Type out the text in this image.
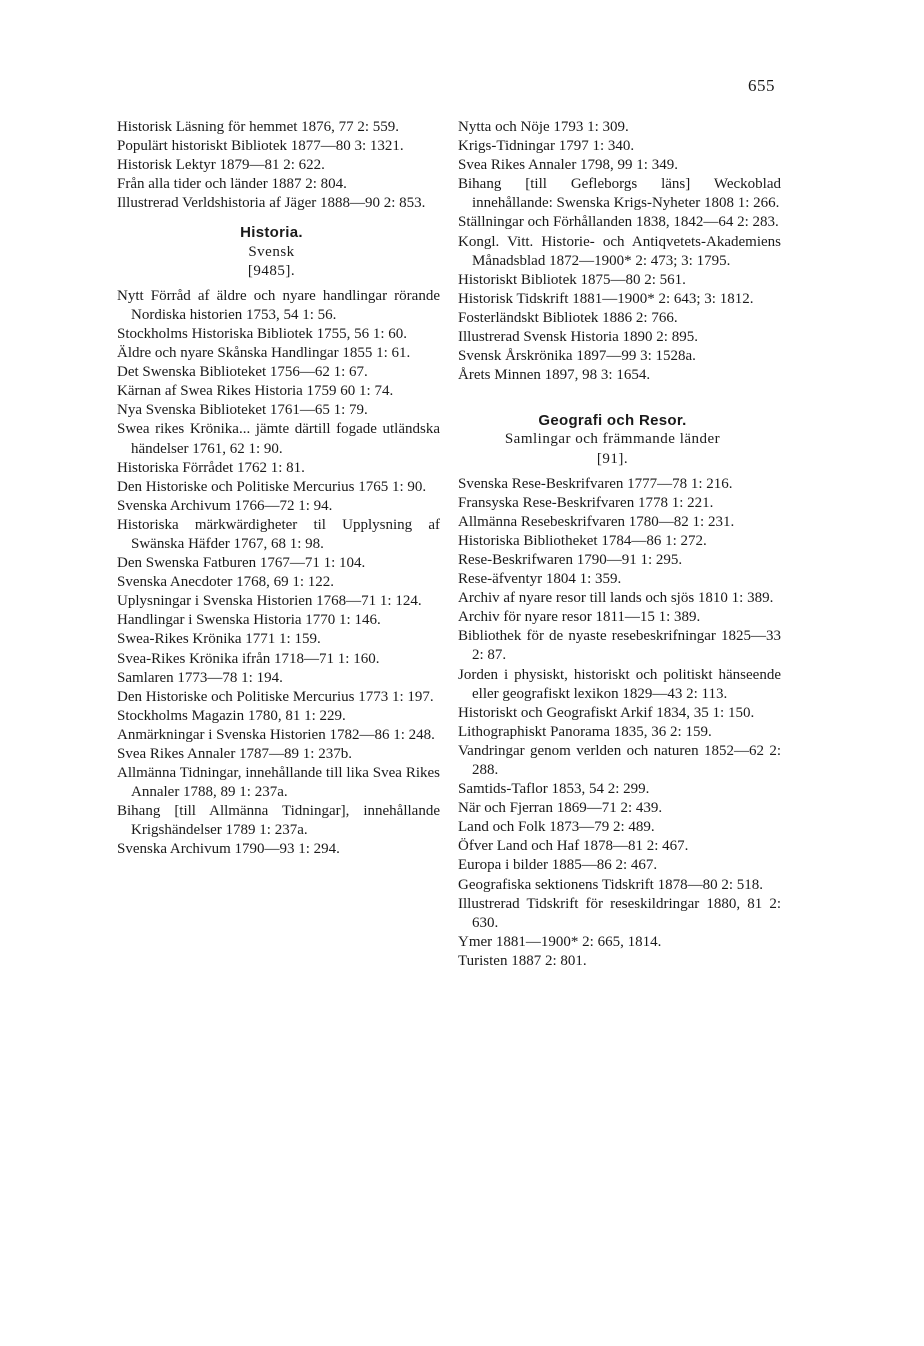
655

Historisk Läsning för hemmet 1876, 77 2: 559.

Populärt historiskt Bibliotek 1877—80 3: 1321.

Historisk Lektyr 1879—81 2: 622.

Från alla tider och länder 1887 2: 804.

Illustrerad Verldshistoria af Jäger 1888—90 2: 853.

Historia.
Svensk
[9485].

Nytt Förråd af äldre och nyare handlingar rörande Nordiska historien 1753, 54 1: 56.

Stockholms Historiska Bibliotek 1755, 56 1: 60.

Äldre och nyare Skånska Handlingar 1855 1: 61.

Det Swenska Biblioteket 1756—62 1: 67.

Kärnan af Swea Rikes Historia 1759 60 1: 74.

Nya Svenska Biblioteket 1761—65 1: 79.

Swea rikes Krönika... jämte därtill fogade utländska händelser 1761, 62 1: 90.

Historiska Förrådet 1762 1: 81.

Den Historiske och Politiske Mercurius 1765 1: 90.

Svenska Archivum 1766—72 1: 94.

Historiska märkwärdigheter til Upplysning af Swänska Häfder 1767, 68 1: 98.

Den Swenska Fatburen 1767—71 1: 104.

Svenska Anecdoter 1768, 69 1: 122.

Uplysningar i Svenska Historien 1768—71 1: 124.

Handlingar i Swenska Historia 1770 1: 146.

Swea-Rikes Krönika 1771 1: 159.

Svea-Rikes Krönika ifrån 1718—71 1: 160.

Samlaren 1773—78 1: 194.

Den Historiske och Politiske Mercurius 1773 1: 197.

Stockholms Magazin 1780, 81 1: 229.

Anmärkningar i Svenska Historien 1782—86 1: 248.

Svea Rikes Annaler 1787—89 1: 237b.

Allmänna Tidningar, innehållande till lika Svea Rikes Annaler 1788, 89 1: 237a.

Bihang [till Allmänna Tidningar], innehållande Krigshändelser 1789 1: 237a.

Svenska Archivum 1790—93 1: 294.

Nytta och Nöje 1793 1: 309.

Krigs-Tidningar 1797 1: 340.

Svea Rikes Annaler 1798, 99 1: 349.

Bihang [till Gefleborgs läns] Weckoblad innehållande: Swenska Krigs-Nyheter 1808 1: 266.

Ställningar och Förhållanden 1838, 1842—64 2: 283.

Kongl. Vitt. Historie- och Antiqvetets-Akademiens Månadsblad 1872—1900* 2: 473; 3: 1795.

Historiskt Bibliotek 1875—80 2: 561.

Historisk Tidskrift 1881—1900* 2: 643; 3: 1812.

Fosterländskt Bibliotek 1886 2: 766.

Illustrerad Svensk Historia 1890 2: 895.

Svensk Årskrönika 1897—99 3: 1528a.

Årets Minnen 1897, 98 3: 1654.

Geografi och Resor.
Samlingar och främmande länder
[91].

Svenska Rese-Beskrifvaren 1777—78 1: 216.

Fransyska Rese-Beskrifvaren 1778 1: 221.

Allmänna Resebeskrifvaren 1780—82 1: 231.

Historiska Bibliotheket 1784—86 1: 272.

Rese-Beskrifwaren 1790—91 1: 295.

Rese-äfventyr 1804 1: 359.

Archiv af nyare resor till lands och sjös 1810 1: 389.

Archiv för nyare resor 1811—15 1: 389.

Bibliothek för de nyaste resebeskrifningar 1825—33 2: 87.

Jorden i physiskt, historiskt och politiskt hänseende eller geografiskt lexikon 1829—43 2: 113.

Historiskt och Geografiskt Arkif 1834, 35 1: 150.

Lithographiskt Panorama 1835, 36 2: 159.

Vandringar genom verlden och naturen 1852—62 2: 288.

Samtids-Taflor 1853, 54 2: 299.

När och Fjerran 1869—71 2: 439.

Land och Folk 1873—79 2: 489.

Öfver Land och Haf 1878—81 2: 467.

Europa i bilder 1885—86 2: 467.

Geografiska sektionens Tidskrift 1878—80 2: 518.

Illustrerad Tidskrift för reseskildringar 1880, 81 2: 630.

Ymer 1881—1900* 2: 665, 1814.

Turisten 1887 2: 801.
